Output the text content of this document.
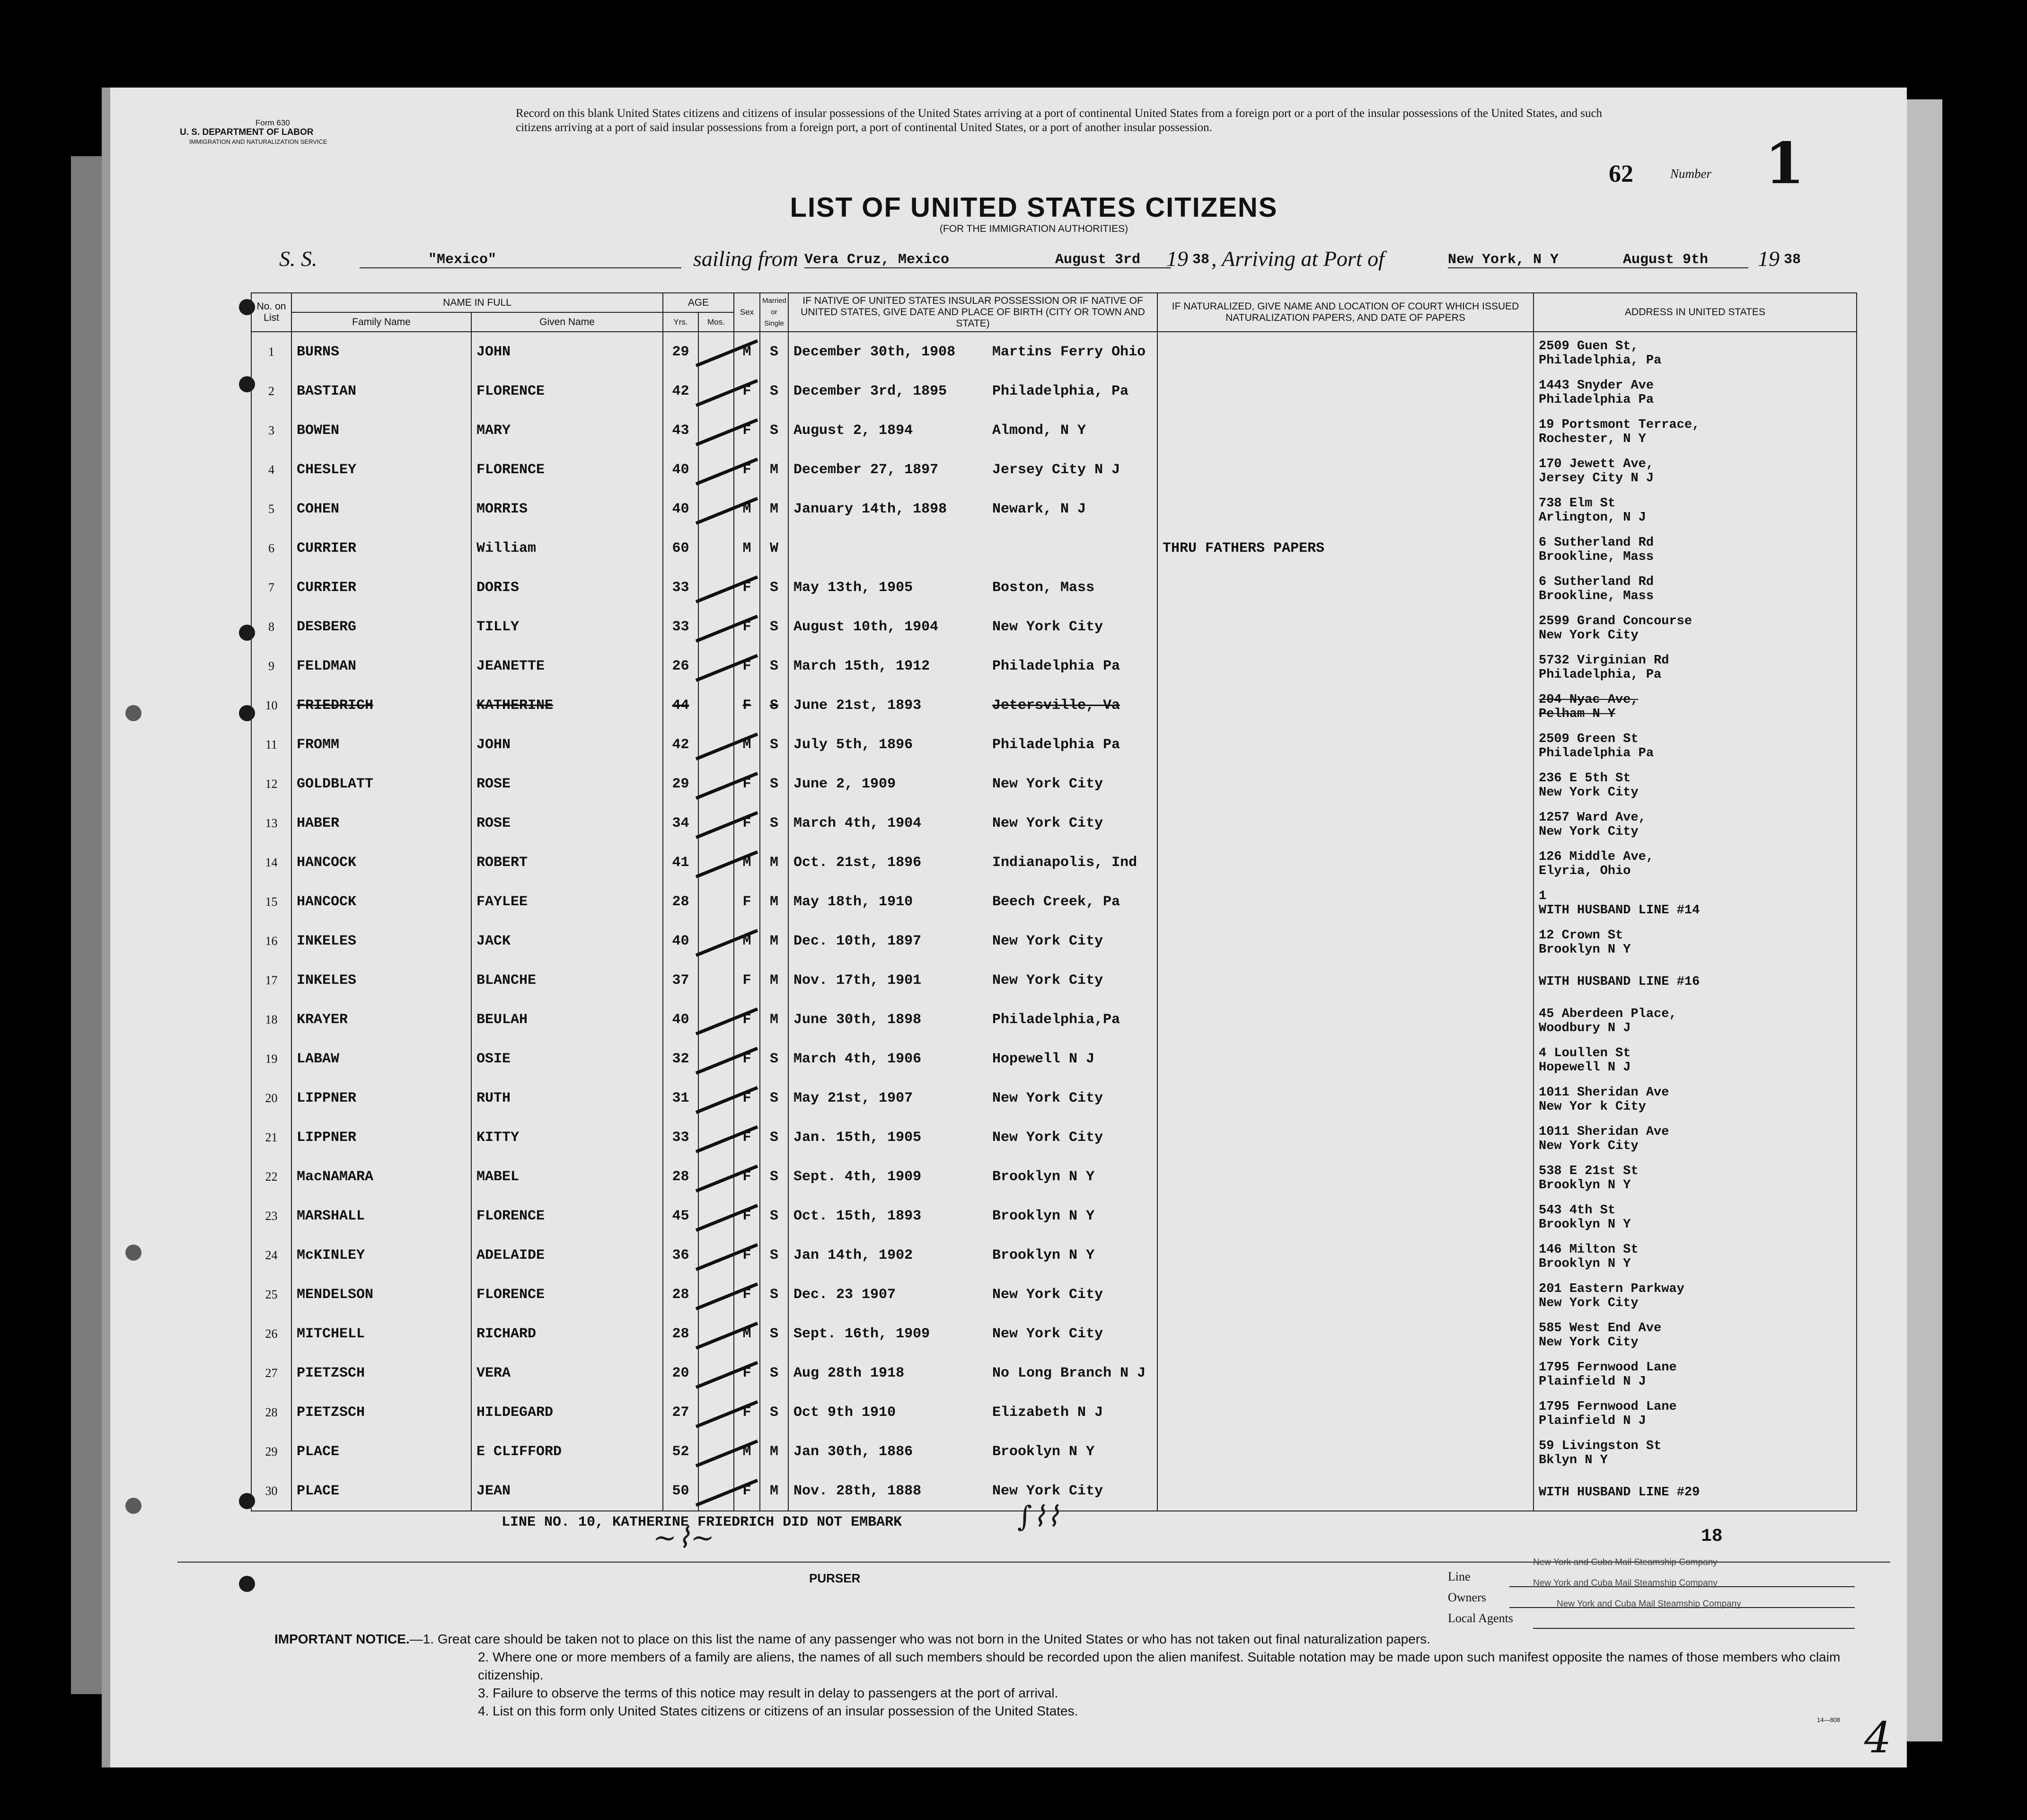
Form 630
U. S. DEPARTMENT OF LABOR
IMMIGRATION AND NATURALIZATION SERVICE
Record on this blank United States citizens and citizens of insular possessions of the United States arriving at a port of continental United States from a foreign port or a port of the insular possessions of the United States, and such citizens arriving at a port of said insular possessions from a foreign port, a port of continental United States, or a port of another insular possession.
62	Number 1
LIST OF UNITED STATES CITIZENS
(FOR THE IMMIGRATION AUTHORITIES)
S. S.	"Mexico"	sailing from Vera Cruz, Mexico	August 3rd 19 38 , Arriving at Port of	New York, N Y	August 9th 19 38
No. on List	NAME IN FULL		AGE		Sex	Married or Single	IF NATIVE OF UNITED STATES INSULAR POSSESSION OR IF NATIVE OF UNITED STATES, GIVE DATE AND PLACE OF BIRTH (CITY OR TOWN AND STATE)	IF NATURALIZED, GIVE NAME AND LOCATION OF COURT WHICH ISSUED NATURALIZATION PAPERS, AND DATE OF PAPERS	ADDRESS IN UNITED STATES
	Family Name	Given Name	Yrs.	Mos.					
1	BURNS	JOHN	29		M	S	December 30th, 1908 Martins Ferry Ohio		2509 Guen St,
Philadelphia, Pa

2	BASTIAN	FLORENCE	42		F	S	December 3rd, 1895 Philadelphia, Pa		1443 Snyder Ave
Philadelphia Pa

3	BOWEN	MARY	43		F	S	August 2, 1894 Almond, N Y		19 Portsmont Terrace,
Rochester, N Y

4	CHESLEY	FLORENCE	40		F	M	December 27, 1897 Jersey City N J		170 Jewett Ave,
Jersey City N J

5	COHEN	MORRIS	40		M	M	January 14th, 1898 Newark, N J		738 Elm St
Arlington, N J

6	CURRIER	William	60		M	W		THRU FATHERS PAPERS	6 Sutherland Rd
Brookline, Mass

7	CURRIER	DORIS	33		F	S	May 13th, 1905 Boston, Mass		6 Sutherland Rd
Brookline, Mass

8	DESBERG	TILLY	33		F	S	August 10th, 1904 New York City		2599 Grand Concourse
New York City

9	FELDMAN	JEANETTE	26		F	S	March 15th, 1912 Philadelphia Pa		5732 Virginian Rd
Philadelphia, Pa

10	FRIEDRICH	KATHERINE	44		F	S	June 21st, 1893 Jetersville, Va		204 Nyac Ave,
Pelham N Y

11	FROMM	JOHN	42		M	S	July 5th, 1896 Philadelphia Pa		2509 Green St
Philadelphia Pa

12	GOLDBLATT	ROSE	29		F	S	June 2, 1909 New York City		236 E 5th St
New York City

13	HABER	ROSE	34		F	S	March 4th, 1904 New York City		1257 Ward Ave,
New York City

14	HANCOCK	ROBERT	41		M	M	Oct. 21st, 1896 Indianapolis, Ind		126 Middle Ave,
Elyria, Ohio

15	HANCOCK	FAYLEE	28		F	M	May 18th, 1910 Beech Creek, Pa		1
WITH HUSBAND LINE #14

16	INKELES	JACK	40		M	M	Dec. 10th, 1897 New York City		12 Crown St
Brooklyn N Y

17	INKELES	BLANCHE	37		F	M	Nov. 17th, 1901 New York City		WITH HUSBAND LINE #16

18	KRAYER	BEULAH	40		F	M	June 30th, 1898 Philadelphia,Pa		45 Aberdeen Place,
Woodbury N J

19	LABAW	OSIE	32		F	S	March 4th, 1906 Hopewell N J		4 Loullen St
Hopewell N J

20	LIPPNER	RUTH	31		F	S	May 21st, 1907 New York City		1011 Sheridan Ave
New Yor k City

21	LIPPNER	KITTY	33		F	S	Jan. 15th, 1905 New York City		1011 Sheridan Ave
New York City

22	MacNAMARA	MABEL	28		F	S	Sept. 4th, 1909 Brooklyn N Y		538 E 21st St
Brooklyn N Y

23	MARSHALL	FLORENCE	45		F	S	Oct. 15th, 1893 Brooklyn N Y		543 4th St
Brooklyn N Y

24	McKINLEY	ADELAIDE	36		F	S	Jan 14th, 1902 Brooklyn N Y		146 Milton St
Brooklyn N Y

25	MENDELSON	FLORENCE	28		F	S	Dec. 23 1907 New York City		201 Eastern Parkway
New York City

26	MITCHELL	RICHARD	28		M	S	Sept. 16th, 1909 New York City		585 West End Ave
New York City

27	PIETZSCH	VERA	20		F	S	Aug 28th 1918 No Long Branch N J		1795 Fernwood Lane
Plainfield N J

28	PIETZSCH	HILDEGARD	27		F	S	Oct 9th 1910 Elizabeth N J		1795 Fernwood Lane
Plainfield N J

29	PLACE	E CLIFFORD	52		M	M	Jan 30th, 1886 Brooklyn N Y		59 Livingston St
Bklyn N Y

30	PLACE	JEAN	50		F	M	Nov. 28th, 1888 New York City		WITH HUSBAND LINE #29
LINE NO. 10, KATHERINE FRIEDRICH DID NOT EMBARK
PURSER
~⌇~
∫⌇⌇
18
Line
New York and Cuba Mail Steamship Company
Owners
New York and Cuba Mail Steamship Company
Local Agents
New York and Cuba Mail Steamship Company
IMPORTANT NOTICE.—1. Great care should be taken not to place on this list the name of any passenger who was not born in the United States or who has not taken out final naturalization papers.
2. Where one or more members of a family are aliens, the names of all such members should be recorded upon the alien manifest. Suitable notation may be made upon such manifest opposite the names of those members who claim citizenship.
3. Failure to observe the terms of this notice may result in delay to passengers at the port of arrival.
4. List on this form only United States citizens or citizens of an insular possession of the United States.
14—808 4
